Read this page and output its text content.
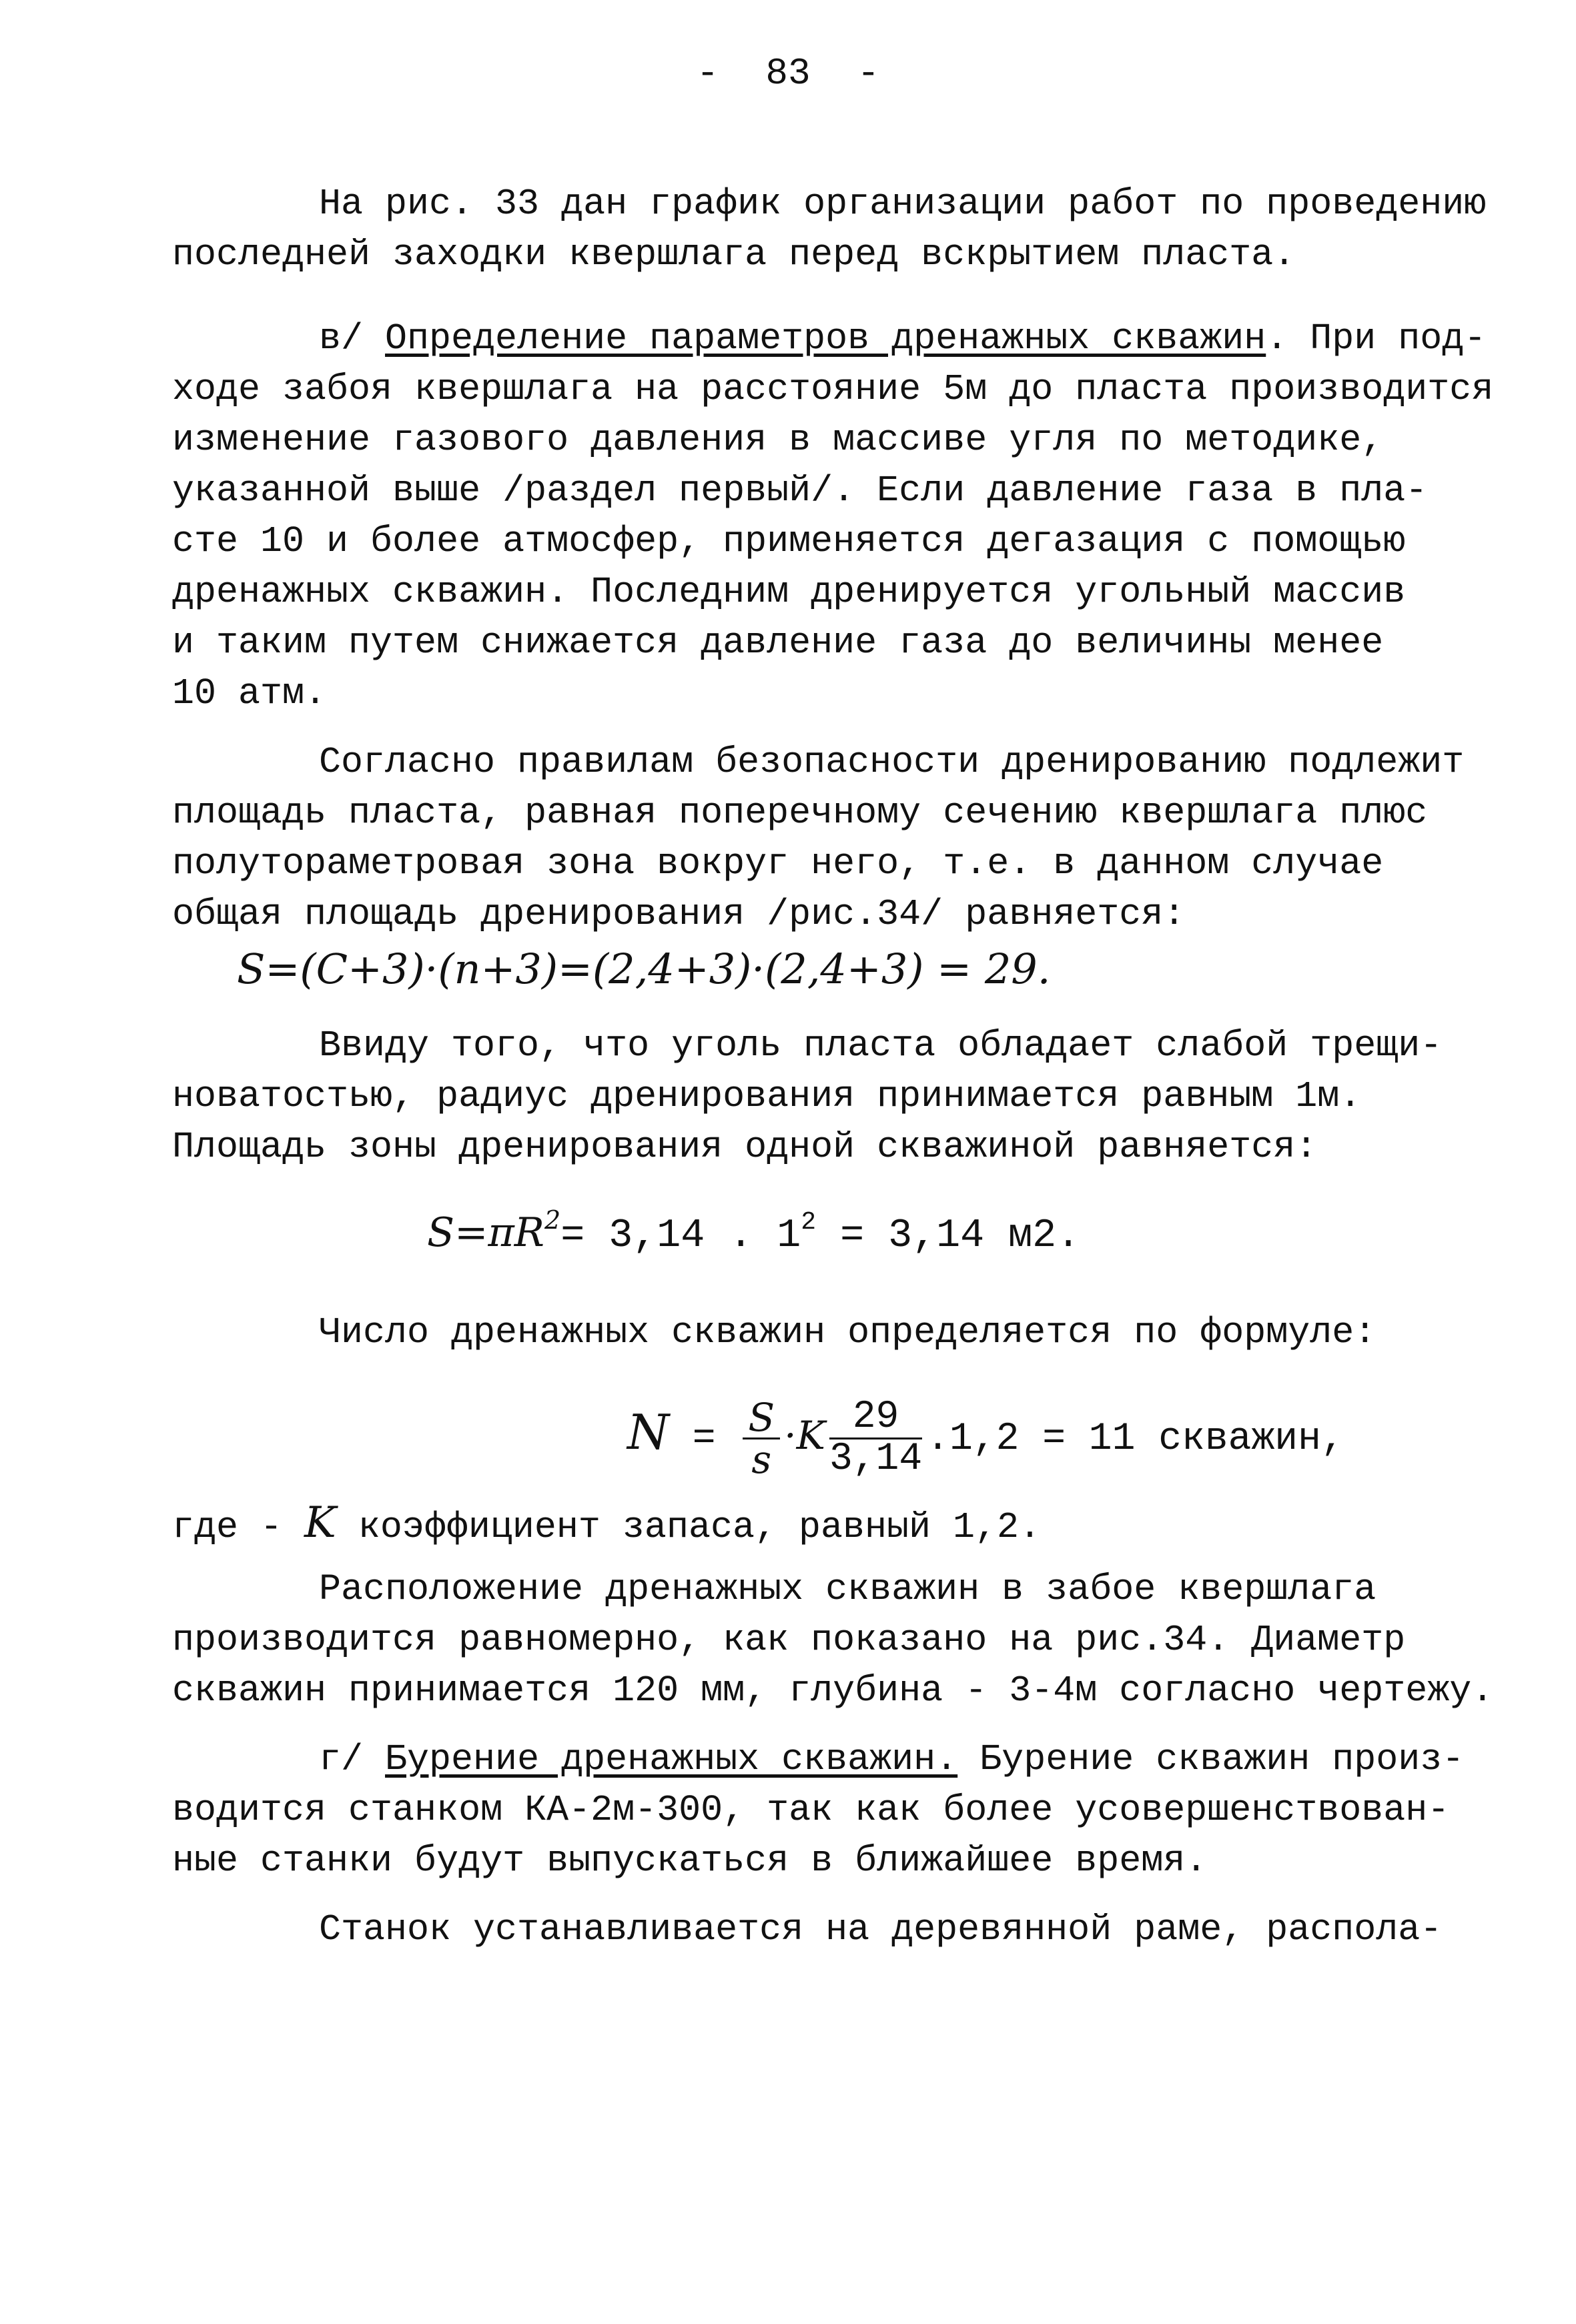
- 83 -
На рис. 33 дан график организации работ по проведению
последней заходки квершлага перед вскрытием пласта.
в/ Определение параметров дренажных скважин. При под-
ходе забоя квершлага на расстояние 5м до пласта производится
изменение газового давления в массиве угля по методике,
указанной выше /раздел первый/. Если давление газа в пла-
сте 10 и более атмосфер, применяется дегазация с помощью
дренажных скважин. Последним дренируется угольный массив
и таким путем снижается давление газа до величины менее
10 атм.
Согласно правилам безопасности дренированию подлежит
площадь пласта, равная поперечному сечению квершлага плюс
полутораметровая зона вокруг него, т.е. в данном случае
общая площадь дренирования /рис.34/ равняется:
S=(C+3)·(n+3)=(2,4+3)·(2,4+3) = 29.
Ввиду того, что уголь пласта обладает слабой трещи-
новатостью, радиус дренирования принимается равным 1м.
Площадь зоны дренирования одной скважиной равняется:
$S=\pi R^2= 3,14$ . $1^2 = 3,14$ м2.
Число дренажных скважин определяется по формуле:
$N = \frac{S}{s} \cdot K \frac{29}{3,14} .1,2 = 11$ скважин,
где - K коэффициент запаса, равный 1,2.
Расположение дренажных скважин в забое квершлага
производится равномерно, как показано на рис.34. Диаметр
скважин принимается 120 мм, глубина - 3-4м согласно чертежу.
г/ Бурение дренажных скважин. Бурение скважин произ-
водится станком КА-2м-300, так как более усовершенствован-
ные станки будут выпускаться в ближайшее время.
Станок устанавливается на деревянной раме, распола-
